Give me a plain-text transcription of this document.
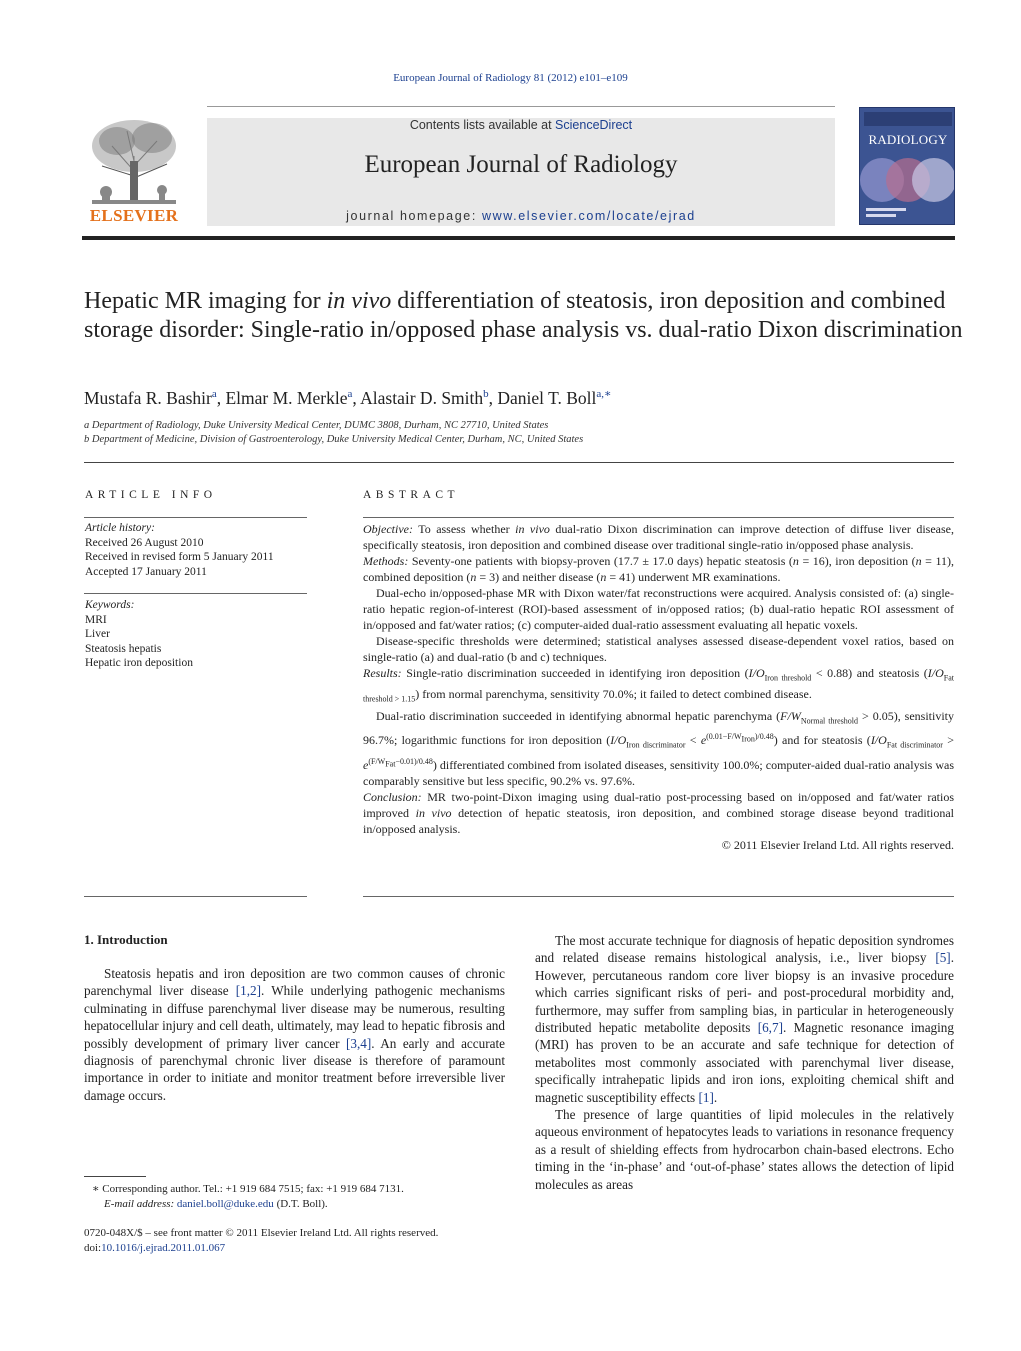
European Journal of Radiology 81 (2012) e101–e109
ELSEVIER
Contents lists available at ScienceDirect
European Journal of Radiology
journal homepage: www.elsevier.com/locate/ejrad
RADIOLOGY
Hepatic MR imaging for in vivo differentiation of steatosis, iron deposition and combined storage disorder: Single-ratio in/opposed phase analysis vs. dual-ratio Dixon discrimination
Mustafa R. Bashir$^a$, Elmar M. Merkle$^a$, Alastair D. Smith$^b$, Daniel T. Boll$^{a,∗}$
a Department of Radiology, Duke University Medical Center, DUMC 3808, Durham, NC 27710, United States
b Department of Medicine, Division of Gastroenterology, Duke University Medical Center, Durham, NC, United States
ARTICLE INFO	ABSTRACT
Article history:
Received 26 August 2010
Received in revised form 5 January 2011
Accepted 17 January 2011
Keywords:
MRI
Liver
Steatosis hepatis
Hepatic iron deposition

Objective: To assess whether in vivo dual-ratio Dixon discrimination can improve detection of diffuse liver disease, specifically steatosis, iron deposition and combined disease over traditional single-ratio in/opposed phase analysis.

Methods: Seventy-one patients with biopsy-proven (17.7 ± 17.0 days) hepatic steatosis (n = 16), iron deposition (n = 11), combined deposition (n = 3) and neither disease (n = 41) underwent MR examinations.

Dual-echo in/opposed-phase MR with Dixon water/fat reconstructions were acquired. Analysis consisted of: (a) single-ratio hepatic region-of-interest (ROI)-based assessment of in/opposed ratios; (b) dual-ratio hepatic ROI assessment of in/opposed and fat/water ratios; (c) computer-aided dual-ratio assessment evaluating all hepatic voxels.

Disease-specific thresholds were determined; statistical analyses assessed disease-dependent voxel ratios, based on single-ratio (a) and dual-ratio (b and c) techniques.

Results: Single-ratio discrimination succeeded in identifying iron deposition $(I/O_{Iron threshold} < 0.88)$ and steatosis $(I/O_{Fat threshold > 1.15})$ from normal parenchyma, sensitivity 70.0%; it failed to detect combined disease.

Dual-ratio discrimination succeeded in identifying abnormal hepatic parenchyma $(F/W_{Normal threshold} > 0.05)$, sensitivity 96.7%; logarithmic functions for iron deposition $(I/O_{Iron discriminator} < e^{(0.01-F/W_{Iron})/0.48})$ and for steatosis $(I/O_{Fat discriminator} > e^{(F/W_{Fat}-0.01)/0.48})$ differentiated combined from isolated diseases, sensitivity 100.0%; computer-aided dual-ratio analysis was comparably sensitive but less specific, 90.2% vs. 97.6%.

Conclusion: MR two-point-Dixon imaging using dual-ratio post-processing based on in/opposed and fat/water ratios improved in vivo detection of hepatic steatosis, iron deposition, and combined storage disease beyond traditional in/opposed analysis.

© 2011 Elsevier Ireland Ltd. All rights reserved.

1. Introduction

Steatosis hepatis and iron deposition are two common causes of chronic parenchymal liver disease [1,2]. While underlying pathogenic mechanisms culminating in diffuse parenchymal liver disease may be numerous, resulting hepatocellular injury and cell death, ultimately, may lead to hepatic fibrosis and possibly development of primary liver cancer [3,4]. An early and accurate diagnosis of parenchymal chronic liver disease is therefore of paramount importance in order to initiate and monitor treatment before irreversible liver damage occurs.

The most accurate technique for diagnosis of hepatic deposition syndromes and related disease remains histological analysis, i.e., liver biopsy [5]. However, percutaneous random core liver biopsy is an invasive procedure which carries significant risks of peri- and post-procedural morbidity and, furthermore, may suffer from sampling bias, in particular in heterogeneously distributed hepatic metabolite deposits [6,7]. Magnetic resonance imaging (MRI) has proven to be an accurate and safe technique for detection of metabolites most commonly associated with parenchymal liver disease, specifically intrahepatic lipids and iron ions, exploiting chemical shift and magnetic susceptibility effects [1].

The presence of large quantities of lipid molecules in the relatively aqueous environment of hepatocytes leads to variations in resonance frequency as a result of shielding effects from hydrocarbon chain-based electrons. Echo timing in the ‘in-phase’ and ‘out-of-phase’ states allows the detection of lipid molecules as areas

∗ Corresponding author. Tel.: +1 919 684 7515; fax: +1 919 684 7131.
E-mail address: daniel.boll@duke.edu (D.T. Boll).
0720-048X/$ – see front matter © 2011 Elsevier Ireland Ltd. All rights reserved.
doi:10.1016/j.ejrad.2011.01.067
